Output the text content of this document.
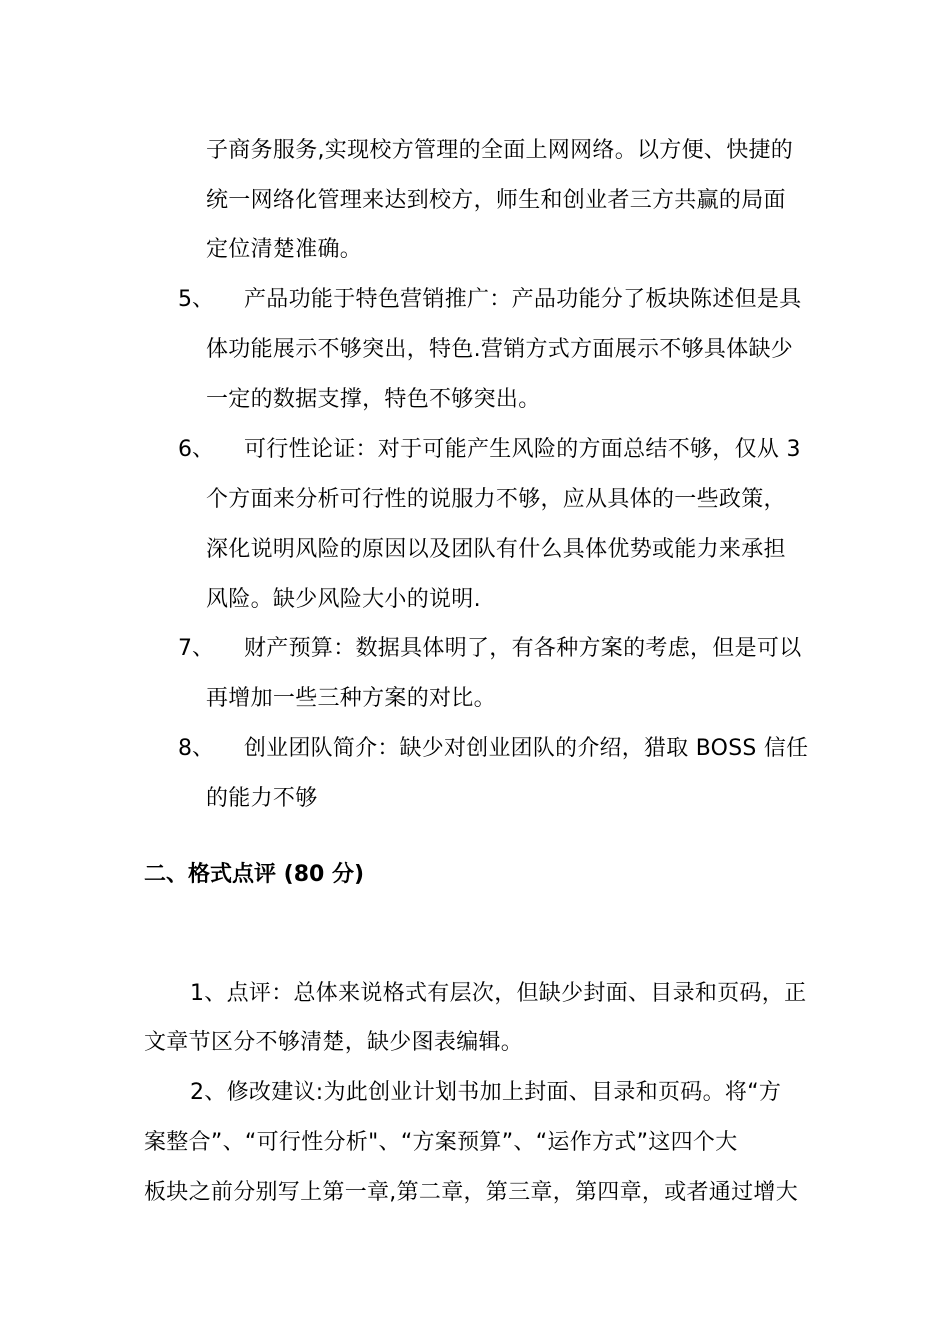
子商务服务,实现校方管理的全面上网网络。以方便、快捷的
统一网络化管理来达到校方，师生和创业者三方共赢的局面
定位清楚准确。
5、 产品功能于特色营销推广：产品功能分了板块陈述但是具
体功能展示不够突出，特色.营销方式方面展示不够具体缺少
一定的数据支撑，特色不够突出。
6、 可行性论证：对于可能产生风险的方面总结不够，仅从 3
个方面来分析可行性的说服力不够，应从具体的一些政策，
深化说明风险的原因以及团队有什么具体优势或能力来承担
风险。缺少风险大小的说明.
7、 财产预算：数据具体明了，有各种方案的考虑，但是可以
再增加一些三种方案的对比。
8、 创业团队简介：缺少对创业团队的介绍，猎取 BOSS 信任
的能力不够
二、格式点评 (80 分)
1、点评：总体来说格式有层次，但缺少封面、目录和页码，正
文章节区分不够清楚，缺少图表编辑。
2、修改建议:为此创业计划书加上封面、目录和页码。将“方
案整合”、“可行性分析"、“方案预算”、“运作方式”这四个大
板块之前分别写上第一章,第二章，第三章，第四章，或者通过增大
